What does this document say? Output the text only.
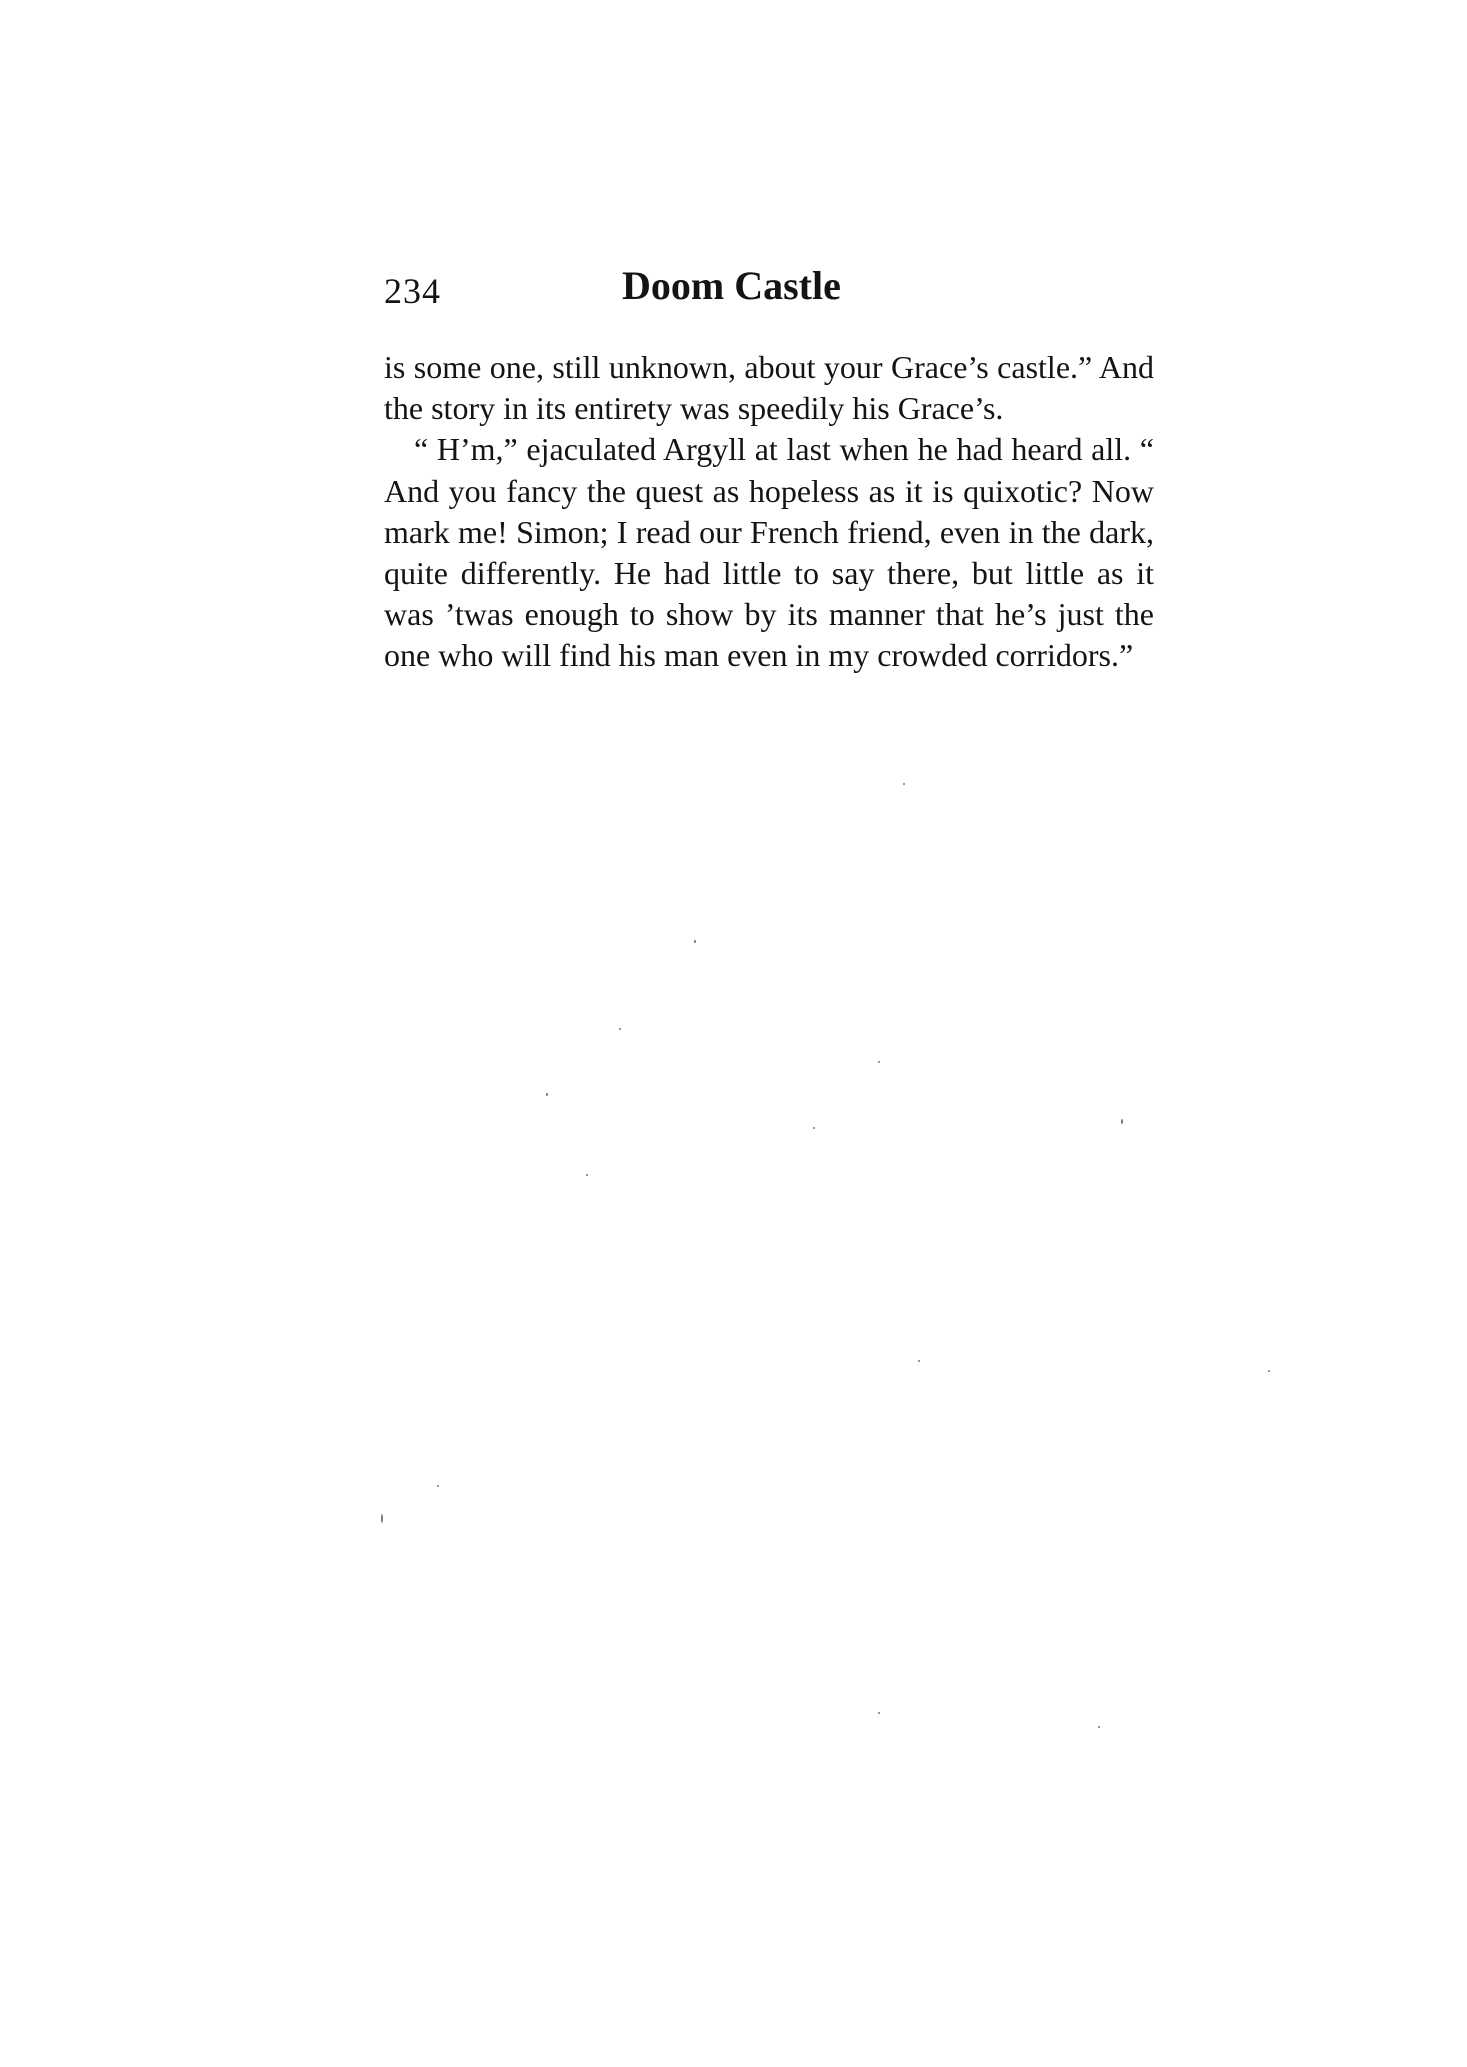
234	Doom Castle

is some one, still unknown, about your Grace’s castle.” And the story in its entirety was speedily his Grace’s.

“ H’m,” ejaculated Argyll at last when he had heard all. “ And you fancy the quest as hopeless as it is quixotic? Now mark me! Simon; I read our French friend, even in the dark, quite differently. He had little to say there, but little as it was ’twas enough to show by its manner that he’s just the one who will find his man even in my crowded corridors.”
